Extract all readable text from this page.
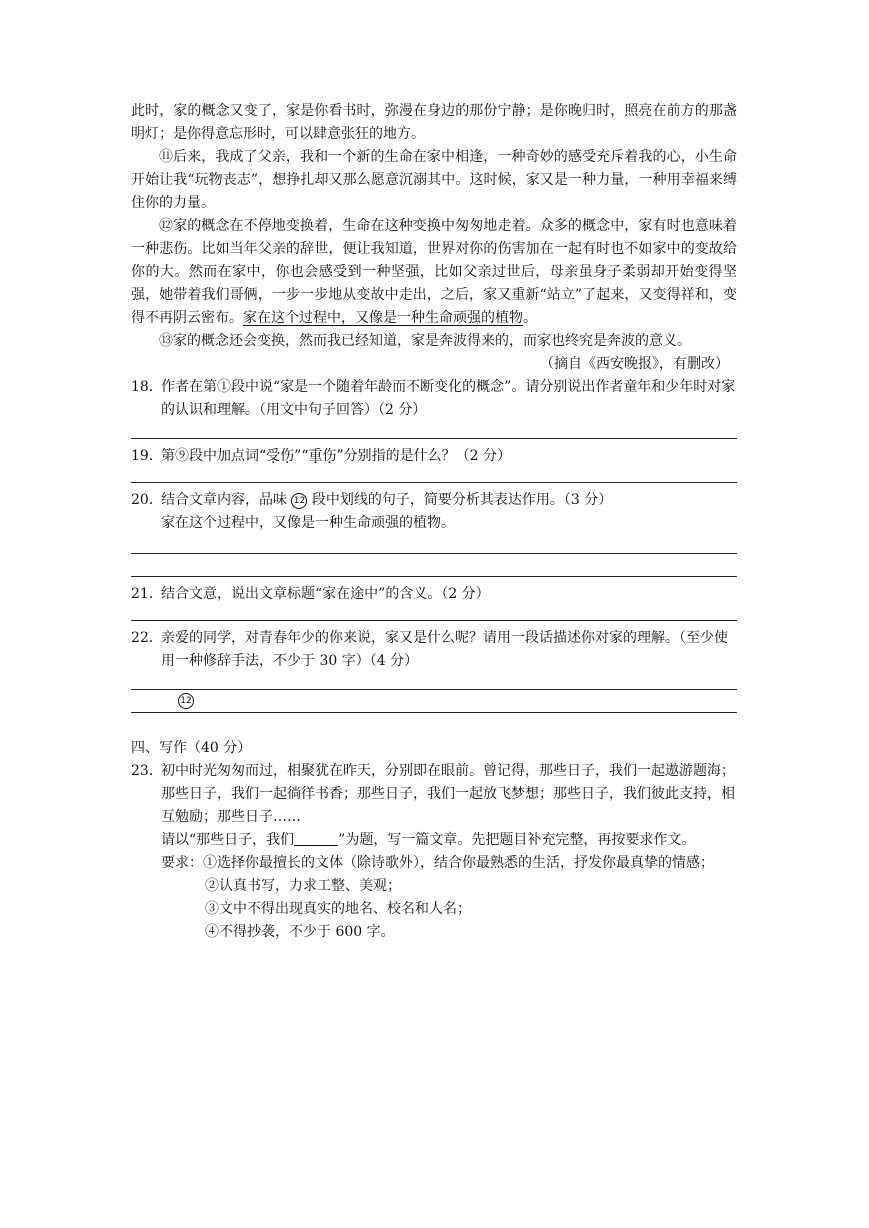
此时，家的概念又变了，家是你看书时，弥漫在身边的那份宁静；是你晚归时，照亮在前方的那盏明灯；是你得意忘形时，可以肆意张狂的地方。

⑪后来，我成了父亲，我和一个新的生命在家中相逢，一种奇妙的感受充斥着我的心，小生命开始让我“玩物丧志”，想挣扎却又那么愿意沉溺其中。这时候，家又是一种力量，一种用幸福来缚住你的力量。

⑫家的概念在不停地变换着，生命在这种变换中匆匆地走着。众多的概念中，家有时也意味着一种悲伤。比如当年父亲的辞世，便让我知道，世界对你的伤害加在一起有时也不如家中的变故给你的大。然而在家中，你也会感受到一种坚强，比如父亲过世后，母亲虽身子柔弱却开始变得坚强，她带着我们哥俩，一步一步地从变故中走出，之后，家又重新“站立”了起来，又变得祥和，变得不再阴云密布。家在这个过程中，又像是一种生命顽强的植物。

⑬家的概念还会变换，然而我已经知道，家是奔波得来的，而家也终究是奔波的意义。

（摘自《西安晚报》，有删改）

18．
作者在第①段中说“家是一个随着年龄而不断变化的概念”。请分别说出作者童年和少年时对家的认识和理解。（用文中句子回答）（2 分）

19．
第⑨段中加点词“受伤”“重伤”分别指的是什么？（2 分）

20．
结合文章内容，品味 12 段中划线的句子，简要分析其表达作用。（3 分）
家在这个过程中，又像是一种生命顽强的植物。

21．
结合文意，说出文章标题“家在途中”的含义。（2 分）

22．
亲爱的同学，对青春年少的你来说，家又是什么呢？请用一段话描述你对家的理解。（至少使用一种修辞手法，不少于 30 字）（4 分）

12

四、写作（40 分）

23．
初中时光匆匆而过，相聚犹在昨天，分别即在眼前。曾记得，那些日子，我们一起遨游题海；那些日子，我们一起徜徉书香；那些日子，我们一起放飞梦想；那些日子，我们彼此支持，相互勉励；那些日子……
请以“那些日子，我们	”为题，写一篇文章。先把题目补充完整，再按要求作文。

要求：①选择你最擅长的文体（除诗歌外），结合你最熟悉的生活，抒发你最真挚的情感；

②认真书写，力求工整、美观；

③文中不得出现真实的地名、校名和人名；

④不得抄袭，不少于 600 字。
